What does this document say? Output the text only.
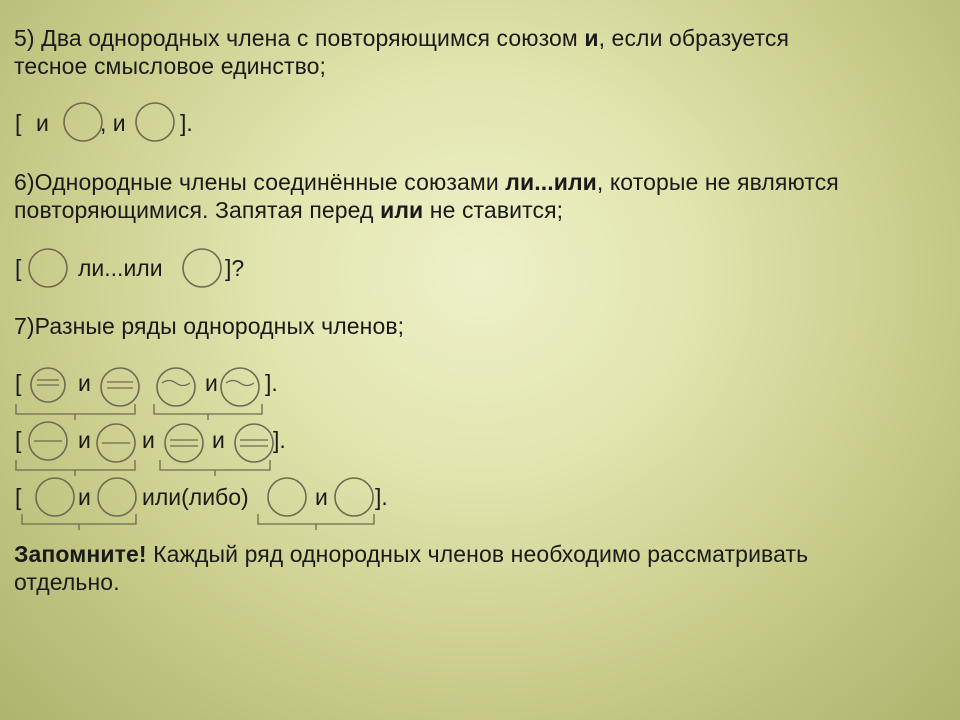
5) Два однородных члена с повторяющимся союзом и, если образуется
тесное смысловое единство;
[ и , и ].
6)Однородные члены соединённые союзами ли...или, которые не являются
повторяющимися. Запятая перед или не ставится;
[ ли...или	]?
7)Разные ряды однородных членов;
[ и	и ].
[ и и и ].
[ и или(либо)	и ].
Запомните! Каждый ряд однородных членов необходимо рассматривать
отдельно.
